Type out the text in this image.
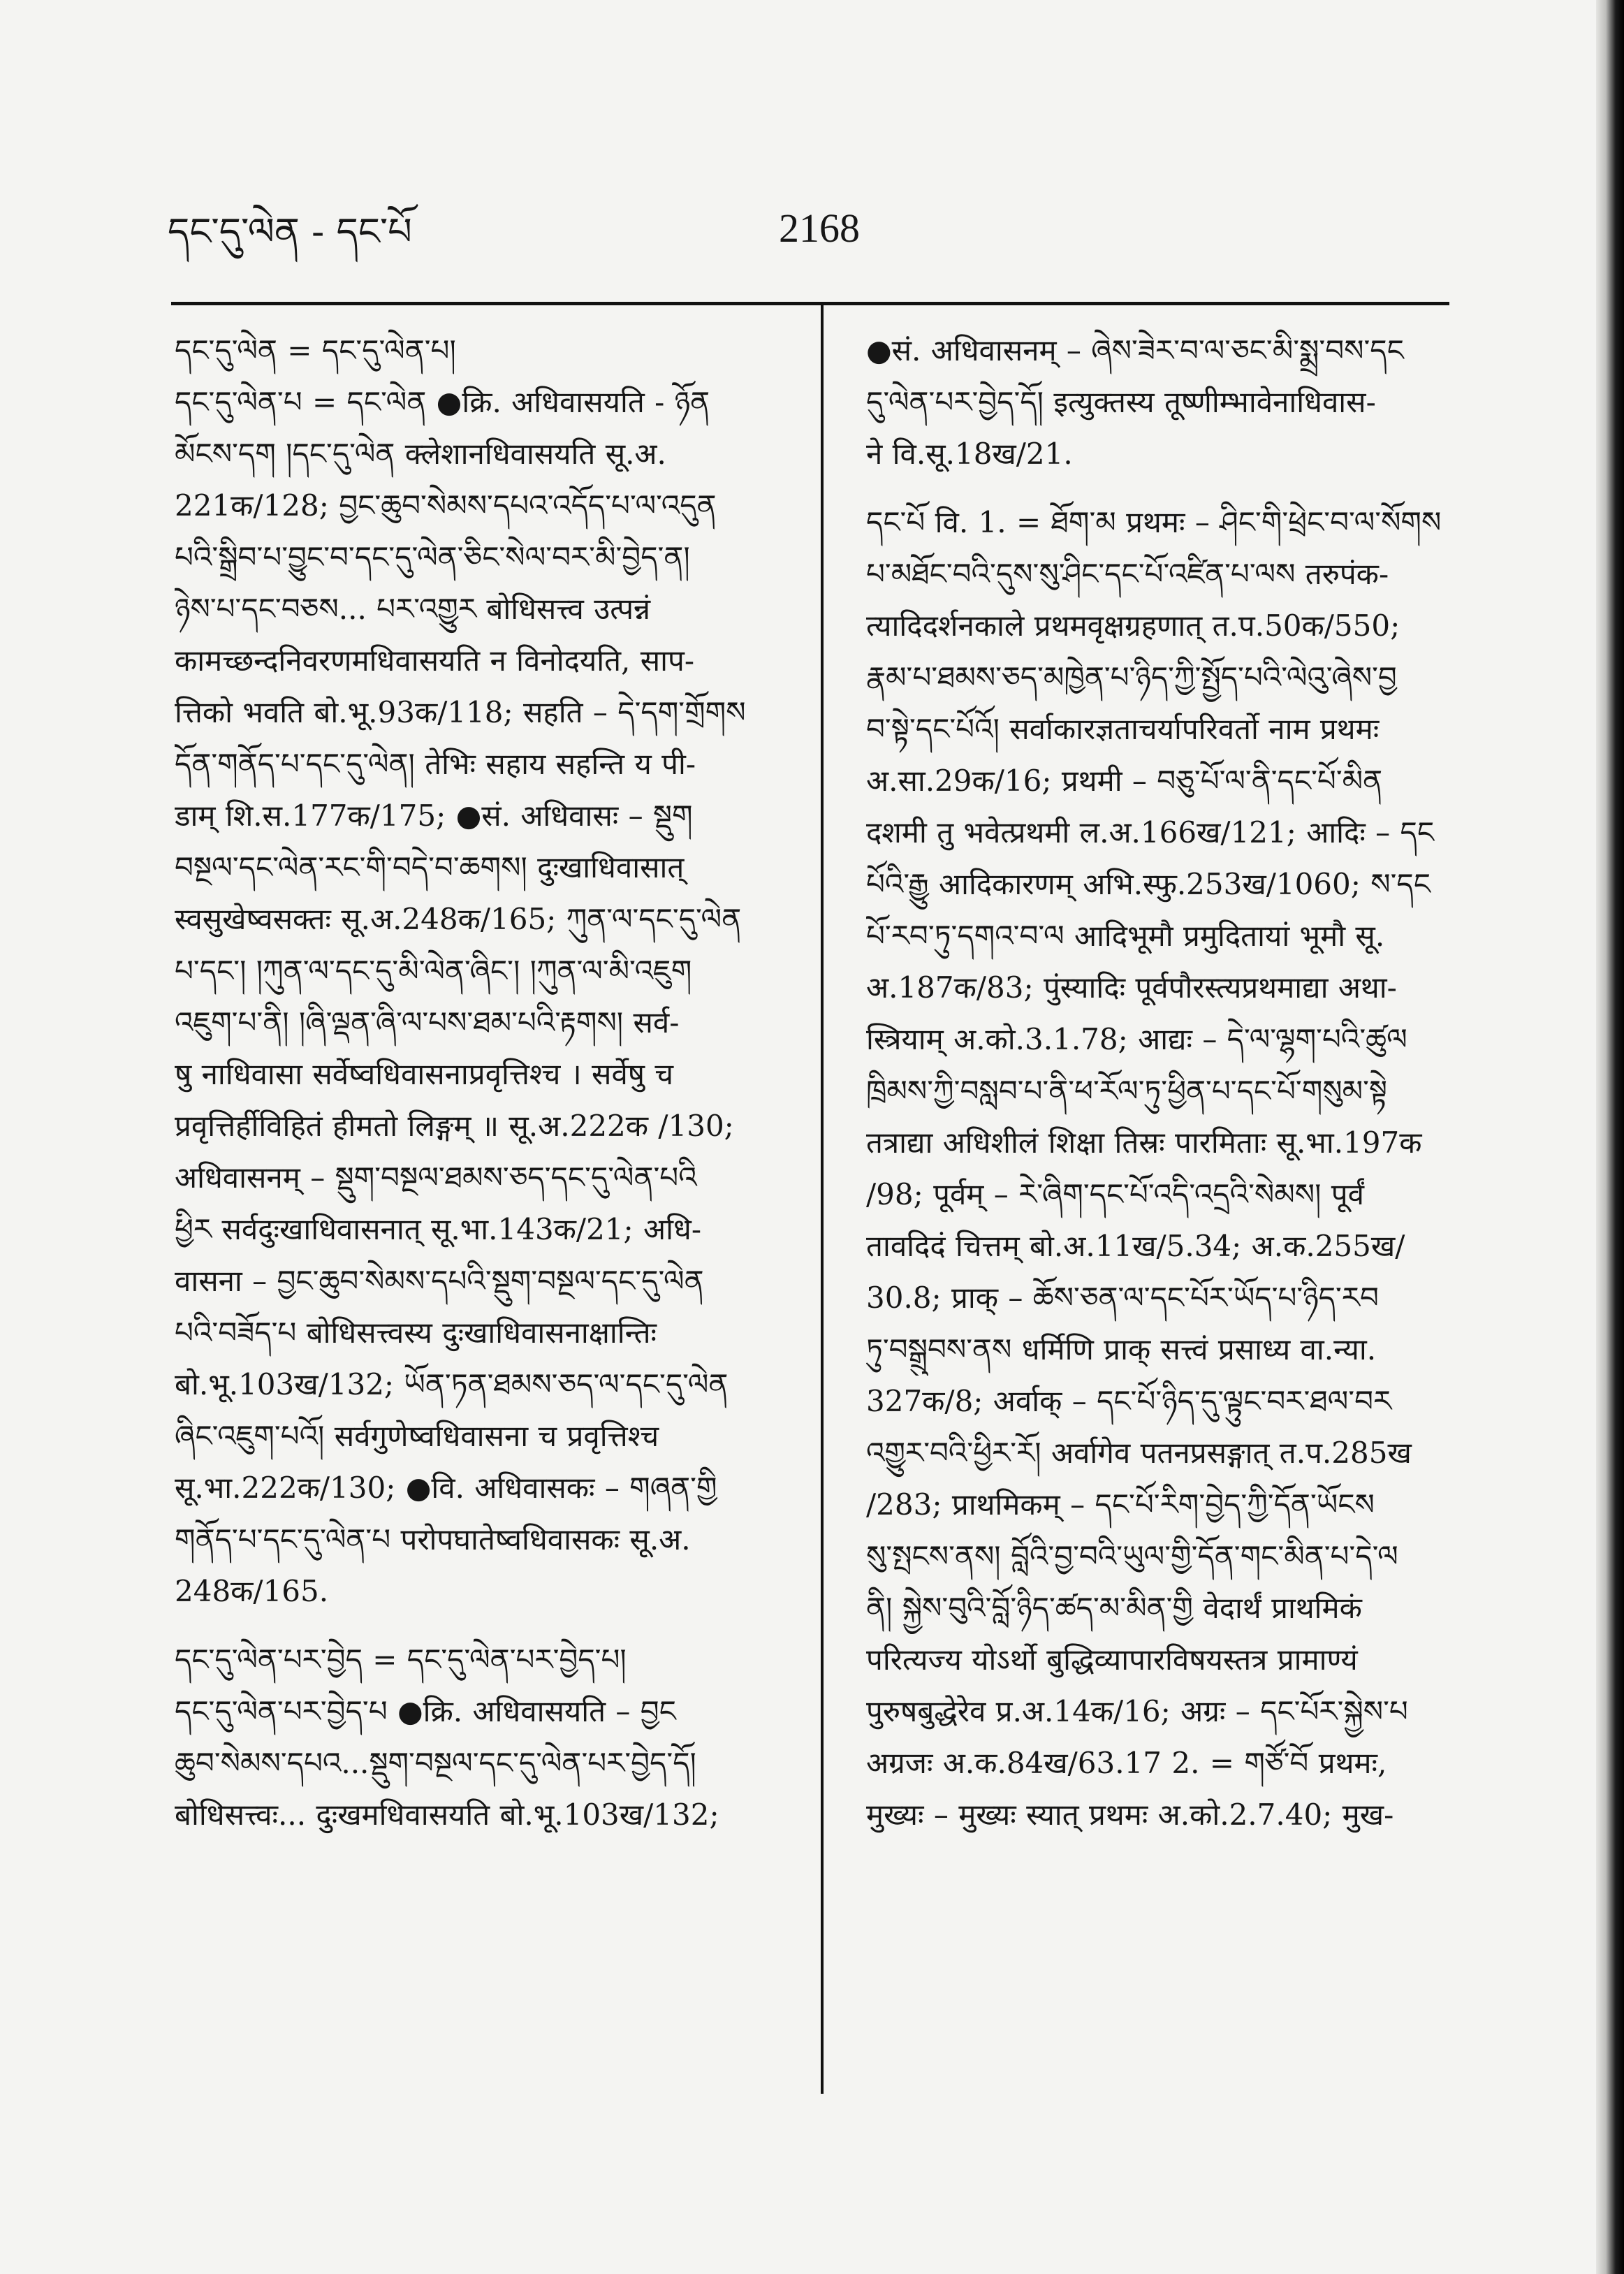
དང་དུ་ལེན - དང་པོ	2168
དང་དུ་ལེན = དང་དུ་ལེན་པ།
དང་དུ་ལེན་པ = དང་ལེན ●क्रि. अधिवासयति - ཉོན
མོངས་དག །དང་དུ་ལེན क्लेशानधिवासयति सू.अ.
221क/128; བྱང་ཆུབ་སེམས་དཔའ་འདོད་པ་ལ་འདུན
པའི་སྒྲིབ་པ་བྱུང་བ་དང་དུ་ལེན་ཅིང་སེལ་བར་མི་བྱེད་ན།
ཉེས་པ་དང་བཅས... པར་འགྱུར बोधिसत्त्व उत्पन्नं
कामच्छन्दनिवरणमधिवासयति न विनोदयति, साप-
त्तिको भवति बो.भू.93क/118; सहति – དེ་དག་གྲོགས
དོན་གནོད་པ་དང་དུ་ལེན། तेभिः सहाय सहन्ति य पी-
डाम् शि.स.177क/175; ●सं. अधिवासः – སྡུག
བསྔལ་དང་ལེན་རང་གི་བདེ་བ་ཆགས། दुःखाधिवासात्
स्वसुखेष्वसक्तः सू.अ.248क/165; ཀུན་ལ་དང་དུ་ལེན
པ་དང་། །ཀུན་ལ་དང་དུ་མི་ལེན་ཞིང་། །ཀུན་ལ་མི་འཇུག
འཇུག་པ་ནི། །ཞི་ལྡན་ཞི་ལ་པས་ཐམ་པའི་རྟགས། सर्व-
षु नाधिवासा सर्वेष्वधिवासनाप्रवृत्तिश्च । सर्वेषु च
प्रवृत्तिर्हीविहितं हीमतो लिङ्गम् ॥ सू.अ.222क /130;
अधिवासनम् – སྡུག་བསྔལ་ཐམས་ཅད་དང་དུ་ལེན་པའི
ཕྱིར सर्वदुःखाधिवासनात् सू.भा.143क/21; अधि-
वासना – བྱང་ཆུབ་སེམས་དཔའི་སྡུག་བསྔལ་དང་དུ་ལེན
པའི་བཟོད་པ बोधिसत्त्वस्य दुःखाधिवासनाक्षान्तिः
बो.भू.103ख/132; ཡོན་ཏན་ཐམས་ཅད་ལ་དང་དུ་ལེན
ཞིང་འཇུག་པའོ། सर्वगुणेष्वधिवासना च प्रवृत्तिश्च
सू.भा.222क/130; ●वि. अधिवासकः – གཞན་གྱི
གནོད་པ་དང་དུ་ལེན་པ परोपघातेष्वधिवासकः सू.अ.
248क/165.
དང་དུ་ལེན་པར་བྱེད = དང་དུ་ལེན་པར་བྱེད་པ།
དང་དུ་ལེན་པར་བྱེད་པ ●क्रि. अधिवासयति – བྱང
ཆུབ་སེམས་དཔའ...སྡུག་བསྔལ་དང་དུ་ལེན་པར་བྱེད་དོ།
बोधिसत्त्वः... दुःखमधिवासयति बो.भू.103ख/132;
●सं. अधिवासनम् – ཞེས་ཟེར་བ་ལ་ཅང་མི་སྨྲ་བས་དང
དུ་ལེན་པར་བྱེད་དོ། इत्युक्तस्य तूष्णीम्भावेनाधिवास-
ने वि.सू.18ख/21.
དང་པོ वि. 1. = ཐོག་མ प्रथमः – ཤིང་གི་ཕྲེང་བ་ལ་སོགས
པ་མཐོང་བའི་དུས་སུ་ཤིང་དང་པོ་འཛིན་པ་ལས तरुपंक-
त्यादिदर्शनकाले प्रथमवृक्षग्रहणात् त.प.50क/550;
རྣམ་པ་ཐམས་ཅད་མཁྱེན་པ་ཉིད་ཀྱི་སྤྱོད་པའི་ལེའུ་ཞེས་བྱ
བ་སྟེ་དང་པོའོ། सर्वाकारज्ञताचर्यापरिवर्तो नाम प्रथमः
अ.सा.29क/16; प्रथमी – བཅུ་པོ་ལ་ནི་དང་པོ་མིན
दशमी तु भवेत्प्रथमी ल.अ.166ख/121; आदिः – དང
པོའི་རྒྱུ आदिकारणम् अभि.स्फु.253ख/1060; ས་དང
པོ་རབ་ཏུ་དགའ་བ་ལ आदिभूमौ प्रमुदितायां भूमौ सू.
अ.187क/83; पुंस्यादिः पूर्वपौरस्त्यप्रथमाद्या अथा-
स्त्रियाम् अ.को.3.1.78; आद्यः – དེ་ལ་ལྷག་པའི་ཚུལ
ཁྲིམས་ཀྱི་བསླབ་པ་ནི་ཕ་རོལ་ཏུ་ཕྱིན་པ་དང་པོ་གསུམ་སྟེ
तत्राद्या अधिशीलं शिक्षा तिस्रः पारमिताः सू.भा.197क
/98; पूर्वम् – རེ་ཞིག་དང་པོ་འདི་འདྲའི་སེམས། पूर्वं
तावदिदं चित्तम् बो.अ.11ख/5.34; अ.क.255ख/
30.8; प्राक् – ཆོས་ཅན་ལ་དང་པོར་ཡོད་པ་ཉིད་རབ
ཏུ་བསྒྲུབས་ནས धर्मिणि प्राक् सत्त्वं प्रसाध्य वा.न्या.
327क/8; अर्वाक् – དང་པོ་ཉིད་དུ་ལྟུང་བར་ཐལ་བར
འགྱུར་བའི་ཕྱིར་རོ། अर्वागेव पतनप्रसङ्गात् त.प.285ख
/283; प्राथमिकम् – དང་པོ་རིག་བྱེད་ཀྱི་དོན་ཡོངས
སུ་སྤངས་ནས། བློའི་བྱ་བའི་ཡུལ་གྱི་དོན་གང་མིན་པ་དེ་ལ
ནི། སྐྱེས་བུའི་བློ་ཉིད་ཚད་མ་མིན་གྱི वेदार्थं प्राथमिकं
परित्यज्य योऽर्थो बुद्धिव्यापारविषयस्तत्र प्रामाण्यं
पुरुषबुद्धेरेव प्र.अ.14क/16; अग्रः – དང་པོར་སྐྱེས་པ
अग्रजः अ.क.84ख/63.17 2. = གཙོ་བོ प्रथमः,
मुख्यः – मुख्यः स्यात् प्रथमः अ.को.2.7.40; मुख-
